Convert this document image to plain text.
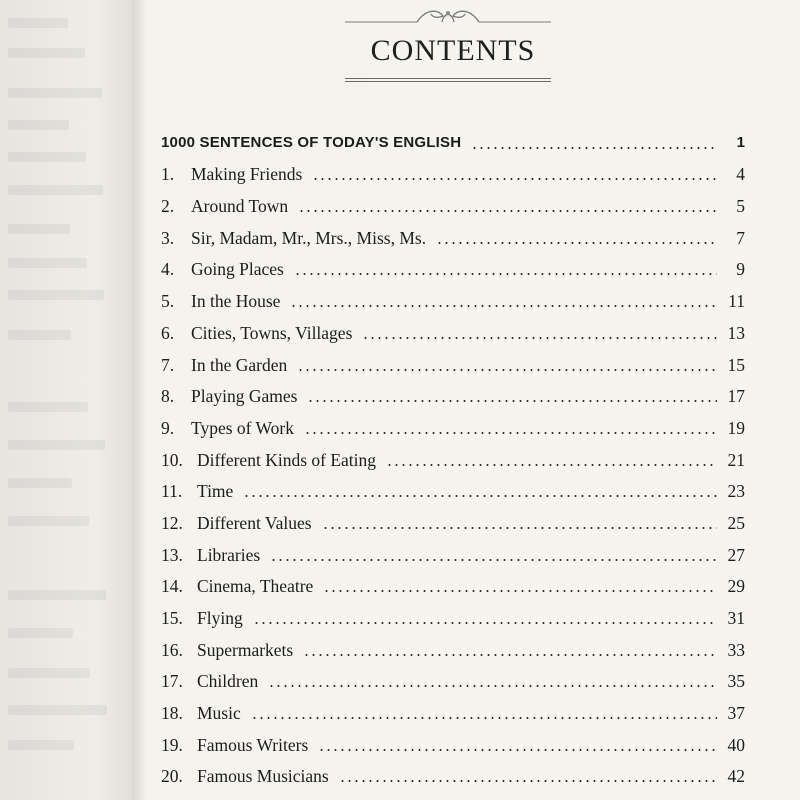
CONTENTS
1000 SENTENCES OF TODAY'S ENGLISH	1
1. Making Friends	4
2. Around Town	5
3. Sir, Madam, Mr., Mrs., Miss, Ms.	7
4. Going Places	9
5. In the House	11
6. Cities, Towns, Villages	13
7. In the Garden	15
8. Playing Games	17
9. Types of Work	19
10. Different Kinds of Eating	21
11. Time	23
12. Different Values	25
13. Libraries	27
14. Cinema, Theatre	29
15. Flying	31
16. Supermarkets	33
17. Children	35
18. Music	37
19. Famous Writers	40
20. Famous Musicians	42
